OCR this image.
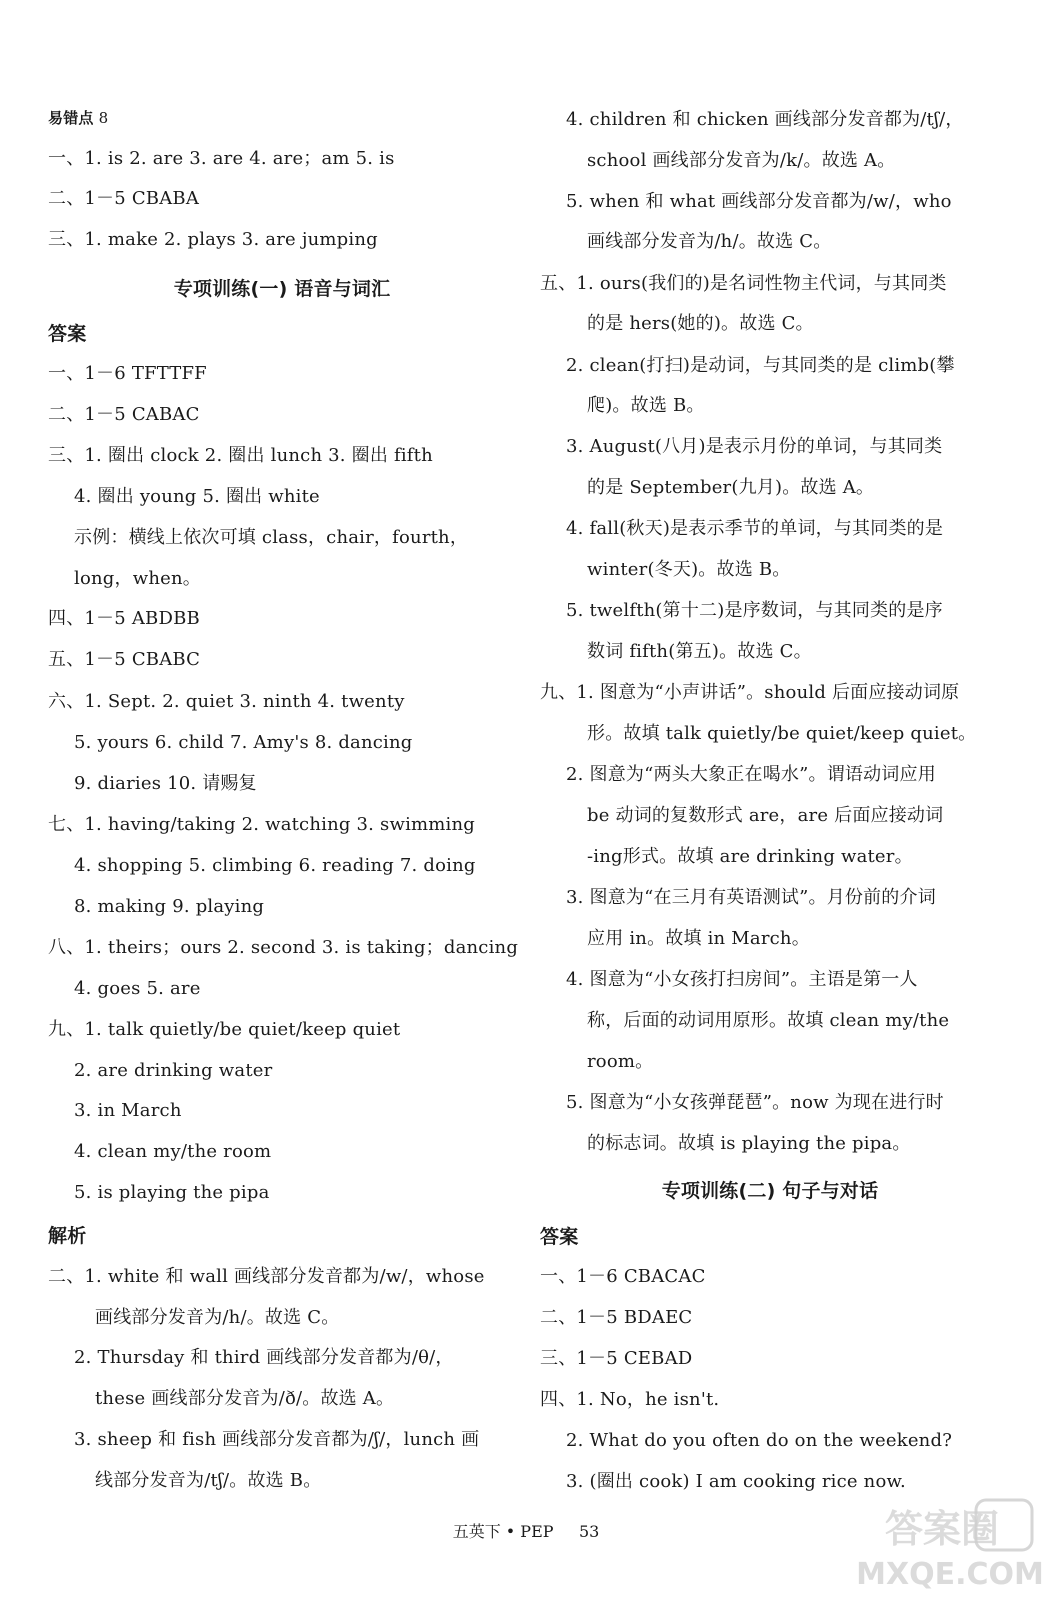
易错点 8
一、1. is 2. are 3. are 4. are；am 5. is
二、1－5 CBABA
三、1. make 2. plays 3. are jumping
专项训练(一) 语音与词汇
答案
一、1－6 TFTTFF
二、1－5 CABAC
三、1. 圈出 clock 2. 圈出 lunch 3. 圈出 fifth
4. 圈出 young 5. 圈出 white
示例：横线上依次可填 class，chair，fourth，
long，when。
四、1－5 ABDBB
五、1－5 CBABC
六、1. Sept. 2. quiet 3. ninth 4. twenty
5. yours 6. child 7. Amy's 8. dancing
9. diaries 10. 请赐复
七、1. having/taking 2. watching 3. swimming
4. shopping 5. climbing 6. reading 7. doing
8. making 9. playing
八、1. theirs；ours 2. second 3. is taking；dancing
4. goes 5. are
九、1. talk quietly/be quiet/keep quiet
2. are drinking water
3. in March
4. clean my/the room
5. is playing the pipa
解析
二、1. white 和 wall 画线部分发音都为/w/，whose
画线部分发音为/h/。故选 C。
2. Thursday 和 third 画线部分发音都为/θ/，
these 画线部分发音为/ð/。故选 A。
3. sheep 和 fish 画线部分发音都为/ʃ/，lunch 画
线部分发音为/tʃ/。故选 B。
4. children 和 chicken 画线部分发音都为/tʃ/，
school 画线部分发音为/k/。故选 A。
5. when 和 what 画线部分发音都为/w/，who
画线部分发音为/h/。故选 C。
五、1. ours(我们的)是名词性物主代词，与其同类
的是 hers(她的)。故选 C。
2. clean(打扫)是动词，与其同类的是 climb(攀
爬)。故选 B。
3. August(八月)是表示月份的单词，与其同类
的是 September(九月)。故选 A。
4. fall(秋天)是表示季节的单词，与其同类的是
winter(冬天)。故选 B。
5. twelfth(第十二)是序数词，与其同类的是序
数词 fifth(第五)。故选 C。
九、1. 图意为“小声讲话”。should 后面应接动词原
形。故填 talk quietly/be quiet/keep quiet。
2. 图意为“两头大象正在喝水”。谓语动词应用
be 动词的复数形式 are，are 后面应接动词
-ing形式。故填 are drinking water。
3. 图意为“在三月有英语测试”。月份前的介词
应用 in。故填 in March。
4. 图意为“小女孩打扫房间”。主语是第一人
称，后面的动词用原形。故填 clean my/the
room。
5. 图意为“小女孩弹琵琶”。now 为现在进行时
的标志词。故填 is playing the pipa。
专项训练(二) 句子与对话
答案
一、1－6 CBACAC
二、1－5 BDAEC
三、1－5 CEBAD
四、1. No，he isn't.
2. What do you often do on the weekend?
3. (圈出 cook) I am cooking rice now.
五英下 • PEP 53	答案圈
MXQE.COM
